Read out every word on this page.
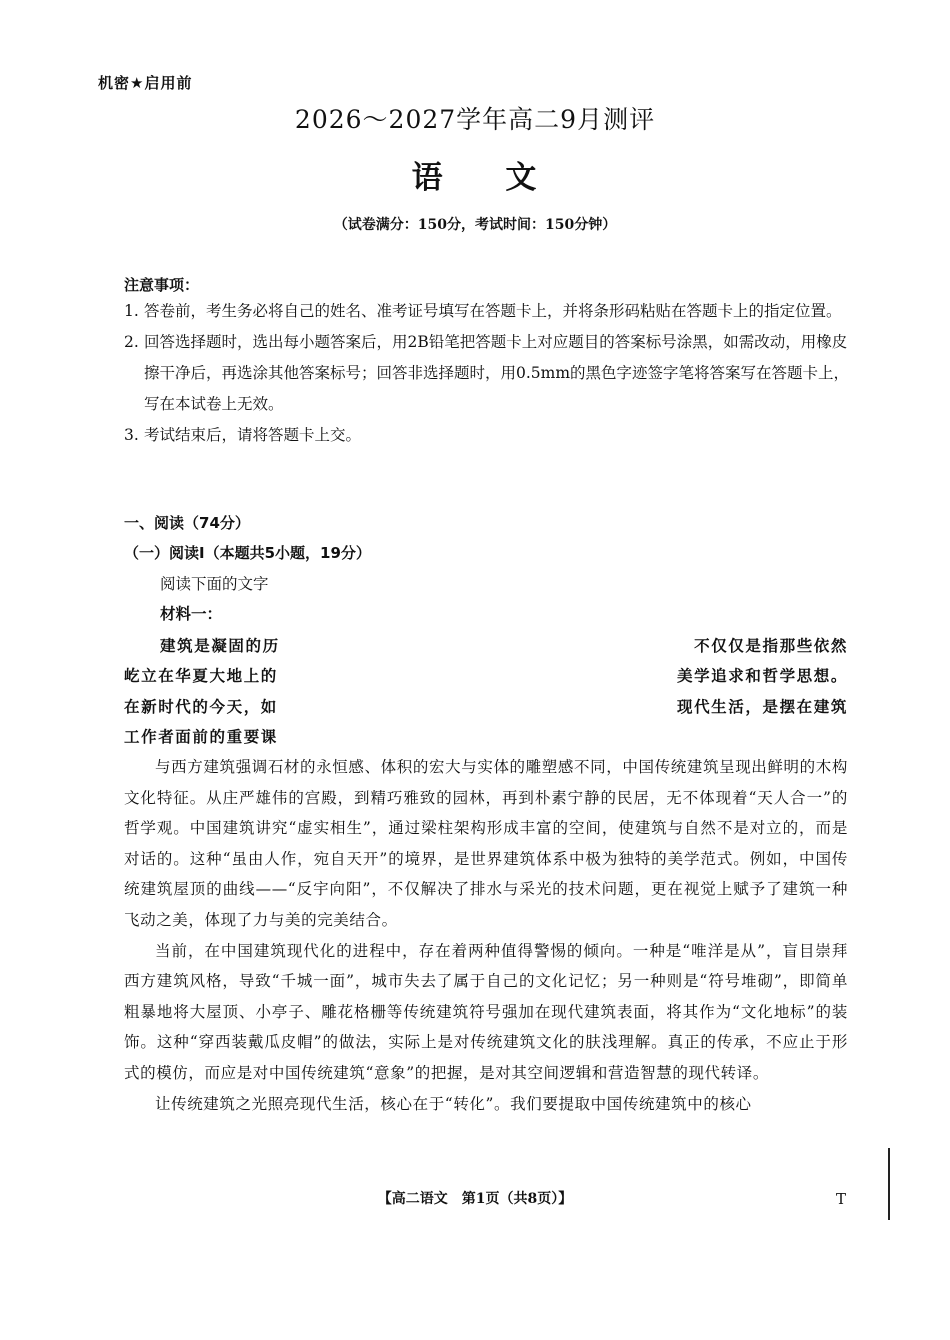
机密★启用前
2026～2027学年高二9月测评
语 文
（试卷满分：150分，考试时间：150分钟）
注意事项：
1. 答卷前，考生务必将自己的姓名、准考证号填写在答题卡上，并将条形码粘贴在答题卡上的指定位置。
2. 回答选择题时，选出每小题答案后，用2B铅笔把答题卡上对应题目的答案标号涂黑，如需改动，用橡皮擦干净后，再选涂其他答案标号；回答非选择题时，用0.5mm的黑色字迹签字笔将答案写在答题卡上，写在本试卷上无效。
3. 考试结束后，请将答题卡上交。
一、阅读（74分）
（一）阅读Ⅰ（本题共5小题，19分）
阅读下面的文字
材料一：
建筑是凝固的历	不仅仅是指那些依然
屹立在华夏大地上的	美学追求和哲学思想。
在新时代的今天，如	现代生活，是摆在建筑
工作者面前的重要课

与西方建筑强调石材的永恒感、体积的宏大与实体的雕塑感不同，中国传统建筑呈现出鲜明的木构文化特征。从庄严雄伟的宫殿，到精巧雅致的园林，再到朴素宁静的民居，无不体现着“天人合一”的哲学观。中国建筑讲究“虚实相生”，通过梁柱架构形成丰富的空间，使建筑与自然不是对立的，而是对话的。这种“虽由人作，宛自天开”的境界，是世界建筑体系中极为独特的美学范式。例如，中国传统建筑屋顶的曲线——“反宇向阳”，不仅解决了排水与采光的技术问题，更在视觉上赋予了建筑一种飞动之美，体现了力与美的完美结合。

当前，在中国建筑现代化的进程中，存在着两种值得警惕的倾向。一种是“唯洋是从”，盲目崇拜西方建筑风格，导致“千城一面”，城市失去了属于自己的文化记忆；另一种则是“符号堆砌”，即简单粗暴地将大屋顶、小亭子、雕花格栅等传统建筑符号强加在现代建筑表面，将其作为“文化地标”的装饰。这种“穿西装戴瓜皮帽”的做法，实际上是对传统建筑文化的肤浅理解。真正的传承，不应止于形式的模仿，而应是对中国传统建筑“意象”的把握，是对其空间逻辑和营造智慧的现代转译。

让传统建筑之光照亮现代生活，核心在于“转化”。我们要提取中国传统建筑中的核心

【高二语文　第1页（共8页）】	T
